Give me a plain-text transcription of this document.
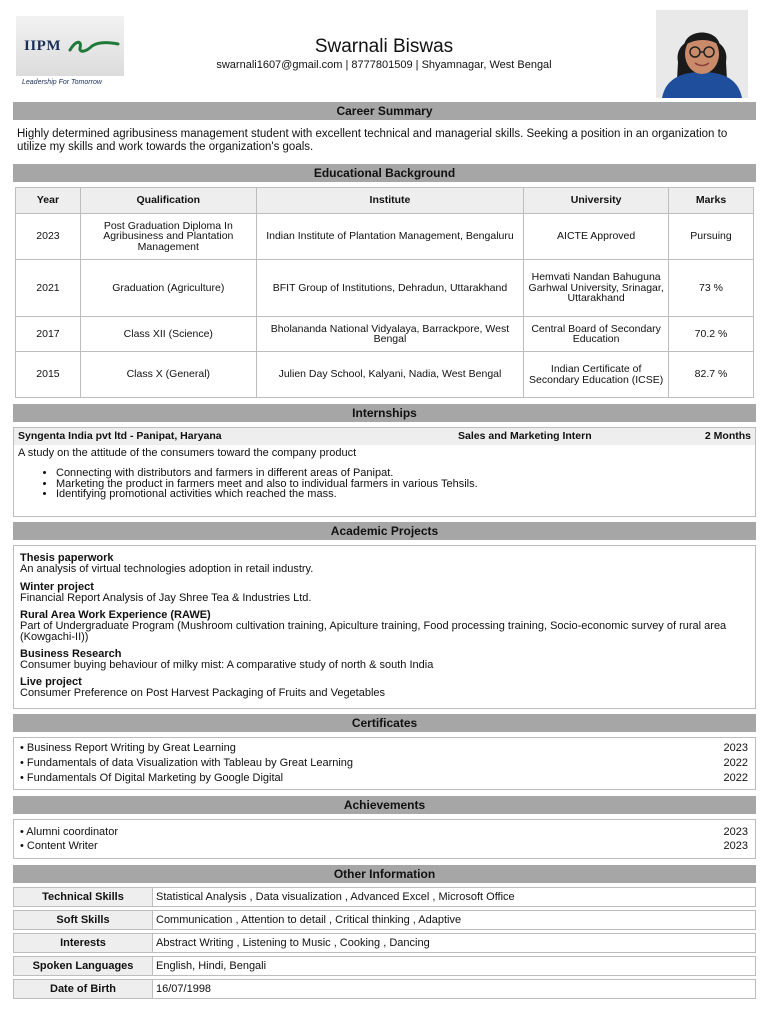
IIPM
Leadership For Tomorrow
Swarnali Biswas
swarnali1607@gmail.com | 8777801509 | Shyamnagar, West Bengal
Career Summary
Highly determined agribusiness management student with excellent technical and managerial skills. Seeking a position in an organization to utilize my skills and work towards the organization's goals.
Educational Background
Year	Qualification	Institute	University	Marks
2023	Post Graduation Diploma In Agribusiness and Plantation Management	Indian Institute of Plantation Management, Bengaluru	AICTE Approved	Pursuing
2021	Graduation (Agriculture)	BFIT Group of Institutions, Dehradun, Uttarakhand	Hemvati Nandan Bahuguna Garhwal University, Srinagar, Uttarakhand	73 %
2017	Class XII (Science)	Bholananda National Vidyalaya, Barrackpore, West Bengal	Central Board of Secondary Education	70.2 %
2015	Class X (General)	Julien Day School, Kalyani, Nadia, West Bengal	Indian Certificate of Secondary Education (ICSE)	82.7 %
Internships
Syngenta India pvt ltd - Panipat, Haryana	Sales and Marketing Intern	2 Months
A study on the attitude of the consumers toward the company product
• Connecting with distributors and farmers in different areas of Panipat.
• Marketing the product in farmers meet and also to individual farmers in various Tehsils.
• Identifying promotional activities which reached the mass.
Academic Projects
Thesis paperwork
An analysis of virtual technologies adoption in retail industry.
Winter project
Financial Report Analysis of Jay Shree Tea & Industries Ltd.
Rural Area Work Experience (RAWE)
Part of Undergraduate Program (Mushroom cultivation training, Apiculture training, Food processing training, Socio-economic survey of rural area (Kowgachi-II))
Business Research
Consumer buying behaviour of milky mist: A comparative study of north & south India
Live project
Consumer Preference on Post Harvest Packaging of Fruits and Vegetables
Certificates
• Business Report Writing by Great Learning	2023
• Fundamentals of data Visualization with Tableau by Great Learning	2022
• Fundamentals Of Digital Marketing by Google Digital	2022
Achievements
• Alumni coordinator	2023
• Content Writer	2023
Other Information
Technical Skills	Statistical Analysis , Data visualization , Advanced Excel , Microsoft Office
Soft Skills	Communication , Attention to detail , Critical thinking , Adaptive
Interests	Abstract Writing , Listening to Music , Cooking , Dancing
Spoken Languages	English, Hindi, Bengali
Date of Birth	16/07/1998
